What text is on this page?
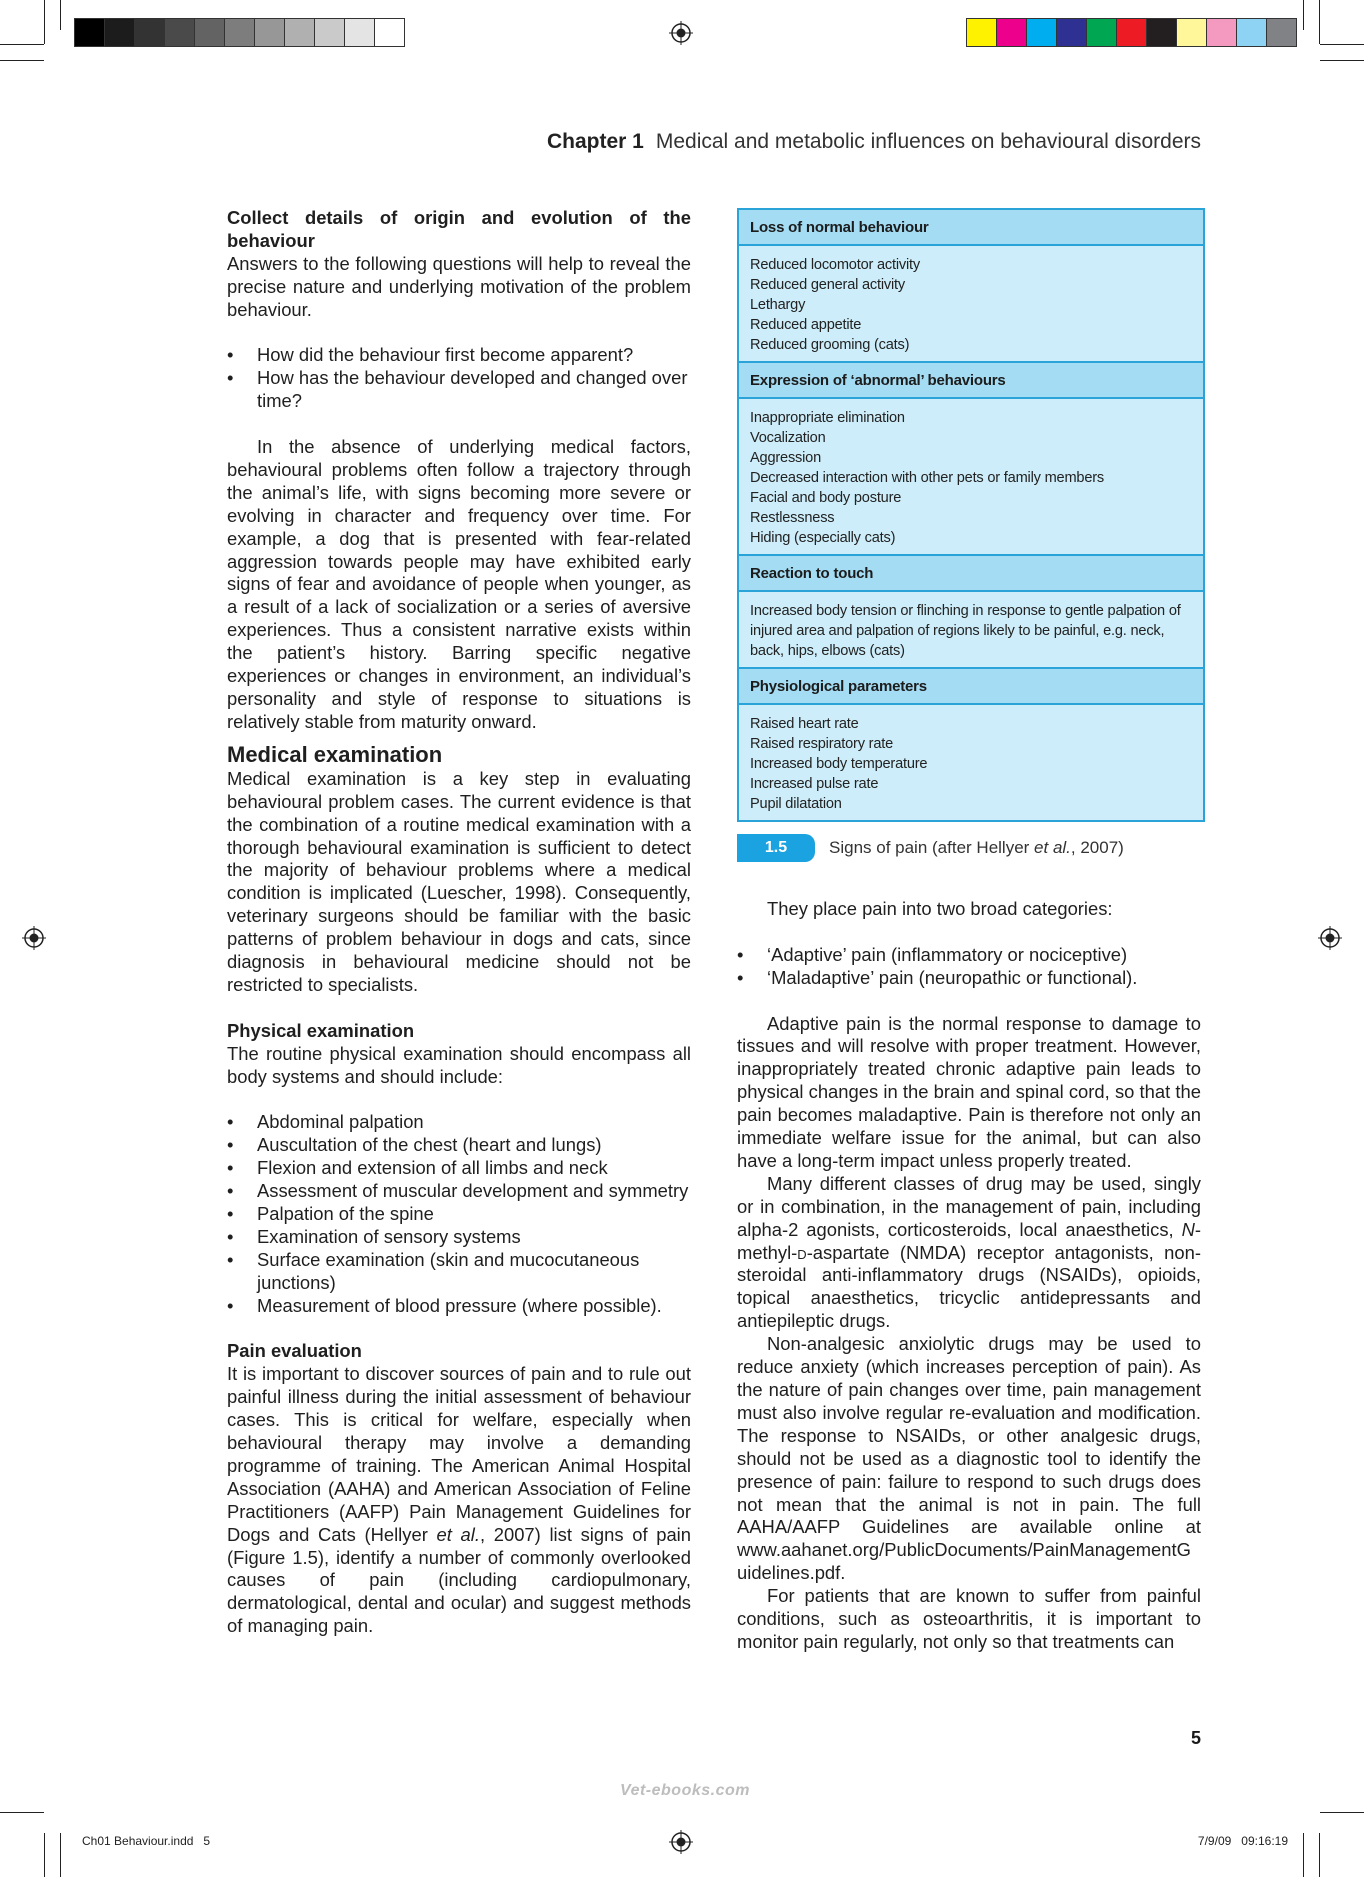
Chapter 1 Medical and metabolic influences on behavioural disorders

Collect details of origin and evolution of the behaviour

Answers to the following questions will help to reveal the precise nature and underlying motivation of the problem behaviour.

• How did the behaviour first become apparent?
• How has the behaviour developed and changed over time?

In the absence of underlying medical factors, behavioural problems often follow a trajectory through the animal’s life, with signs becoming more severe or evolving in character and frequency over time. For example, a dog that is presented with fear-related aggression towards people may have exhibited early signs of fear and avoidance of people when younger, as a result of a lack of socialization or a series of aversive experiences. Thus a consistent narrative exists within the patient’s history. Barring specific negative experiences or changes in environment, an individual’s personality and style of response to situations is relatively stable from maturity onward.

Medical examination

Medical examination is a key step in evaluating behavioural problem cases. The current evidence is that the combination of a routine medical examination with a thorough behavioural examination is sufficient to detect the majority of behaviour problems where a medical condition is implicated (Luescher, 1998). Consequently, veterinary surgeons should be familiar with the basic patterns of problem behaviour in dogs and cats, since diagnosis in behavioural medicine should not be restricted to specialists.

Physical examination

The routine physical examination should encompass all body systems and should include:

• Abdominal palpation
• Auscultation of the chest (heart and lungs)
• Flexion and extension of all limbs and neck
• Assessment of muscular development and symmetry
• Palpation of the spine
• Examination of sensory systems
• Surface examination (skin and mucocutaneous junctions)
• Measurement of blood pressure (where possible).

Pain evaluation

It is important to discover sources of pain and to rule out painful illness during the initial assessment of behaviour cases. This is critical for welfare, especially when behavioural therapy may involve a demanding programme of training. The American Animal Hospital Association (AAHA) and American Association of Feline Practitioners (AAFP) Pain Management Guidelines for Dogs and Cats (Hellyer et al., 2007) list signs of pain (Figure 1.5), identify a number of commonly overlooked causes of pain (including cardiopulmonary, dermatological, dental and ocular) and suggest methods of managing pain.

Loss of normal behaviour
Reduced locomotor activity
Reduced general activity
Lethargy
Reduced appetite
Reduced grooming (cats)
Expression of ‘abnormal’ behaviours
Inappropriate elimination
Vocalization
Aggression
Decreased interaction with other pets or family members
Facial and body posture
Restlessness
Hiding (especially cats)
Reaction to touch
Increased body tension or flinching in response to gentle palpation of injured area and palpation of regions likely to be painful, e.g. neck, back, hips, elbows (cats)
Physiological parameters
Raised heart rate
Raised respiratory rate
Increased body temperature
Increased pulse rate
Pupil dilatation
1.5	Signs of pain (after Hellyer et al., 2007)

They place pain into two broad categories:

• ‘Adaptive’ pain (inflammatory or nociceptive)
• ‘Maladaptive’ pain (neuropathic or functional).

Adaptive pain is the normal response to damage to tissues and will resolve with proper treatment. However, inappropriately treated chronic adaptive pain leads to physical changes in the brain and spinal cord, so that the pain becomes maladaptive. Pain is therefore not only an immediate welfare issue for the animal, but can also have a long-term impact unless properly treated.

Many different classes of drug may be used, singly or in combination, in the management of pain, including alpha-2 agonists, corticosteroids, local anaesthetics, N-methyl-d-aspartate (NMDA) receptor antagonists, non-steroidal anti-inflammatory drugs (NSAIDs), opioids, topical anaesthetics, tricyclic antidepressants and antiepileptic drugs.

Non-analgesic anxiolytic drugs may be used to reduce anxiety (which increases perception of pain). As the nature of pain changes over time, pain management must also involve regular re-evaluation and modification. The response to NSAIDs, or other analgesic drugs, should not be used as a diagnostic tool to identify the presence of pain: failure to respond to such drugs does not mean that the animal is not in pain. The full AAHA/AAFP Guidelines are available online at www.aahanet.org/PublicDocuments/PainManagementGuidelines.pdf.

For patients that are known to suffer from painful conditions, such as osteoarthritis, it is important to monitor pain regularly, not only so that treatments can

5
Vet-ebooks.com
Ch01 Behaviour.indd   5	7/9/09   09:16:19
